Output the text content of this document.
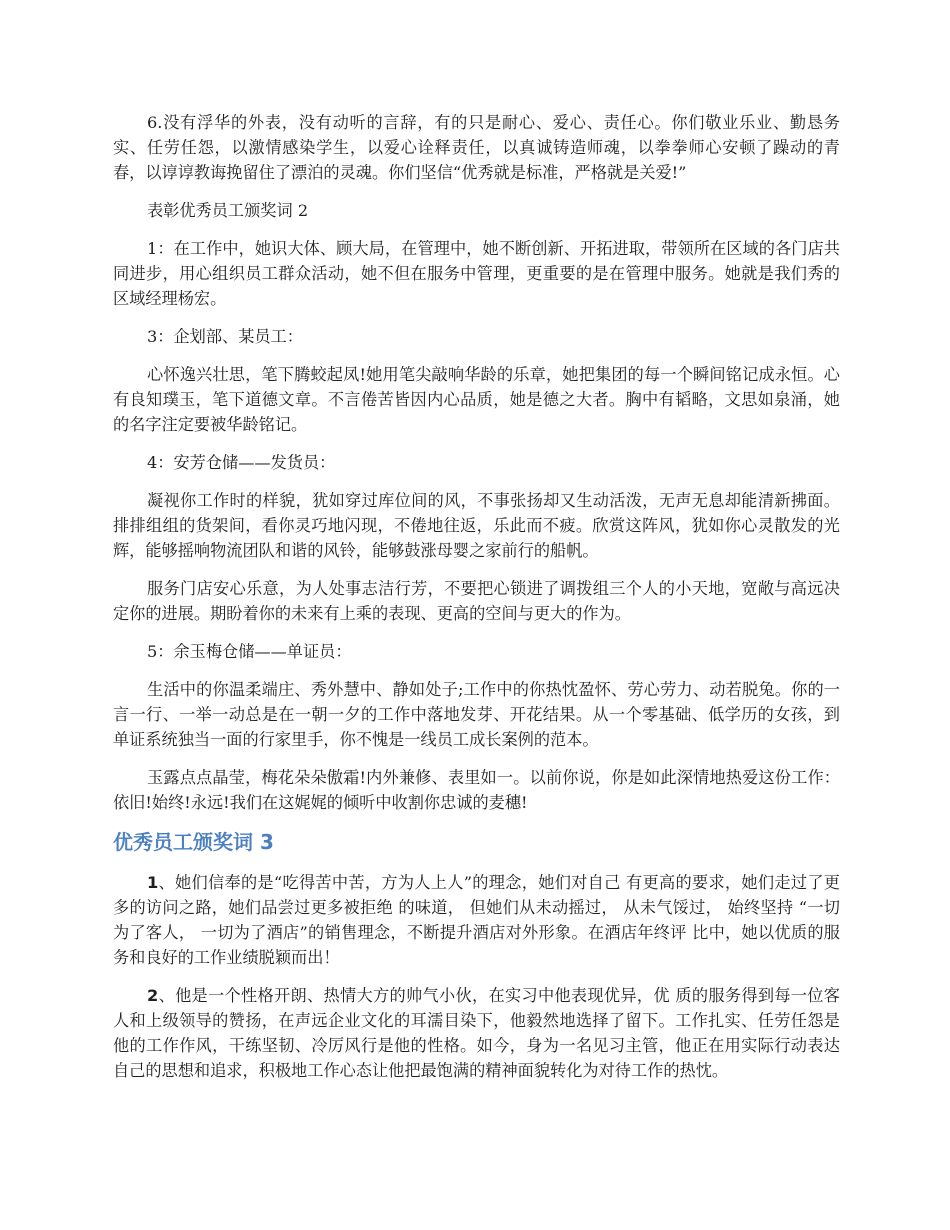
6.没有浮华的外表，没有动听的言辞，有的只是耐心、爱心、责任心。你们敬业乐业、勤恳务实、任劳任怨，以激情感染学生，以爱心诠释责任，以真诚铸造师魂，以拳拳师心安顿了躁动的青春，以谆谆教诲挽留住了漂泊的灵魂。你们坚信“优秀就是标准，严格就是关爱!”

表彰优秀员工颁奖词 2

1：在工作中，她识大体、顾大局，在管理中，她不断创新、开拓进取，带领所在区域的各门店共同进步，用心组织员工群众活动，她不但在服务中管理，更重要的是在管理中服务。她就是我们秀的区域经理杨宏。

3：企划部、某员工：

心怀逸兴壮思，笔下腾蛟起凤!她用笔尖敲响华龄的乐章，她把集团的每一个瞬间铭记成永恒。心有良知璞玉，笔下道德文章。不言倦苦皆因内心品质，她是德之大者。胸中有韬略，文思如泉涌，她的名字注定要被华龄铭记。

4：安芳仓储——发货员：

凝视你工作时的样貌，犹如穿过库位间的风，不事张扬却又生动活泼，无声无息却能清新拂面。排排组组的货架间，看你灵巧地闪现，不倦地往返，乐此而不疲。欣赏这阵风，犹如你心灵散发的光辉，能够摇响物流团队和谐的风铃，能够鼓涨母婴之家前行的船帆。

服务门店安心乐意，为人处事志洁行芳，不要把心锁进了调拨组三个人的小天地，宽敞与高远决定你的进展。期盼着你的未来有上乘的表现、更高的空间与更大的作为。

5：余玉梅仓储——单证员：

生活中的你温柔端庄、秀外慧中、静如处子;工作中的你热忱盈怀、劳心劳力、动若脱兔。你的一言一行、一举一动总是在一朝一夕的工作中落地发芽、开花结果。从一个零基础、低学历的女孩，到单证系统独当一面的行家里手，你不愧是一线员工成长案例的范本。

玉露点点晶莹，梅花朵朵傲霜!内外兼修、表里如一。以前你说，你是如此深情地热爱这份工作：依旧!始终!永远!我们在这娓娓的倾听中收割你忠诚的麦穗!

优秀员工颁奖词 3

1、她们信奉的是“吃得苦中苦，方为人上人”的理念，她们对自己 有更高的要求，她们走过了更多的访问之路，她们品尝过更多被拒绝 的味道， 但她们从未动摇过， 从未气馁过， 始终坚持 “一切为了客人， 一切为了酒店”的销售理念，不断提升酒店对外形象。在酒店年终评 比中，她以优质的服务和良好的工作业绩脱颖而出！

2、他是一个性格开朗、热情大方的帅气小伙，在实习中他表现优异，优 质的服务得到每一位客人和上级领导的赞扬，在声远企业文化的耳濡目染下，他毅然地选择了留下。工作扎实、任劳任怨是他的工作作风，干练坚韧、冷厉风行是他的性格。如今，身为一名见习主管，他正在用实际行动表达自己的思想和追求，积极地工作心态让他把最饱满的精神面貌转化为对待工作的热忱。
